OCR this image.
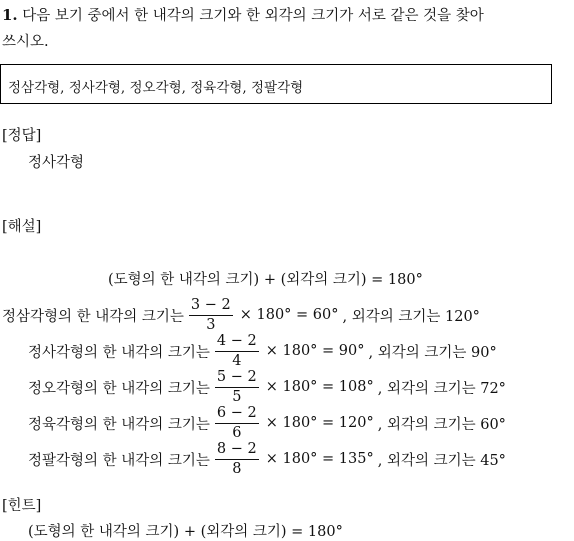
1. 다음 보기 중에서 한 내각의 크기와 한 외각의 크기가 서로 같은 것을 찾아
쓰시오.
정삼각형, 정사각형, 정오각형, 정육각형, 정팔각형
[정답]
정사각형
[해설]
(도형의 한 내각의 크기) + (외각의 크기) = 180°
정삼각형의 한 내각의 크기는 $\frac{3 - 2}{3} \times 180^\circ = 60^\circ$ , 외각의 크기는 120°
정사각형의 한 내각의 크기는 $\frac{4 - 2}{4} \times 180^\circ = 90^\circ$ , 외각의 크기는 90°
정오각형의 한 내각의 크기는 $\frac{5 - 2}{5} \times 180^\circ = 108^\circ$ , 외각의 크기는 72°
정육각형의 한 내각의 크기는 $\frac{6 - 2}{6} \times 180^\circ = 120^\circ$ , 외각의 크기는 60°
정팔각형의 한 내각의 크기는 $\frac{8 - 2}{8} \times 180^\circ = 135^\circ$ , 외각의 크기는 45°
[힌트]
(도형의 한 내각의 크기) + (외각의 크기) = 180°
